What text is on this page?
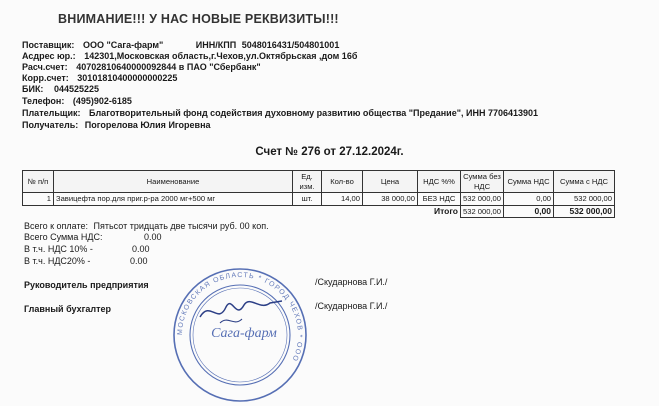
ВНИМАНИЕ!!! У НАС НОВЫЕ РЕКВИЗИТЫ!!!
Поставщик: ООО "Сага-фарм"	ИНН/КПП 5048016431/504801001
Асдрес юр.: 142301,Московская область,г.Чехов,ул.Октябрьская ,дом 16б
Расч.счет: 40702810640000092844 в ПАО "Сбербанк"
Корр.счет: 30101810400000000225
БИК: 044525225
Телефон: (495)902-6185
Плательщик: Благотворительный фонд содействия духовному развитию общества "Предание", ИНН 7706413901
Получатель: Погорелова Юлия Игоревна
Счет № 276 от 27.12.2024г.
№ п/п	Наименование	Ед. изм.	Кол-во	Цена	НДС %%	Сумма без НДС	Сумма НДС	Сумма с НДС
1	Завицефта пор.для приг.р-ра 2000 мг+500 мг	шт.	14,00	38 000,00	БЕЗ НДС	532 000,00	0,00	532 000,00
					Итого	532 000,00	0,00	532 000,00
Всего к оплате: Пятьсот тридцать две тысячи руб. 00 коп.
Всего Сумма НДС:	0.00
В т.ч. НДС 10% -	0.00
В т.ч. НДС20% -	0.00
Руководитель предприятия	/Скударнова Г.И./
Главный бухгалтер	/Скударнова Г.И./
МОСКОВСКАЯ ОБЛАСТЬ * ГОРОД ЧЕХОВ * ООО
Сага-фарм
